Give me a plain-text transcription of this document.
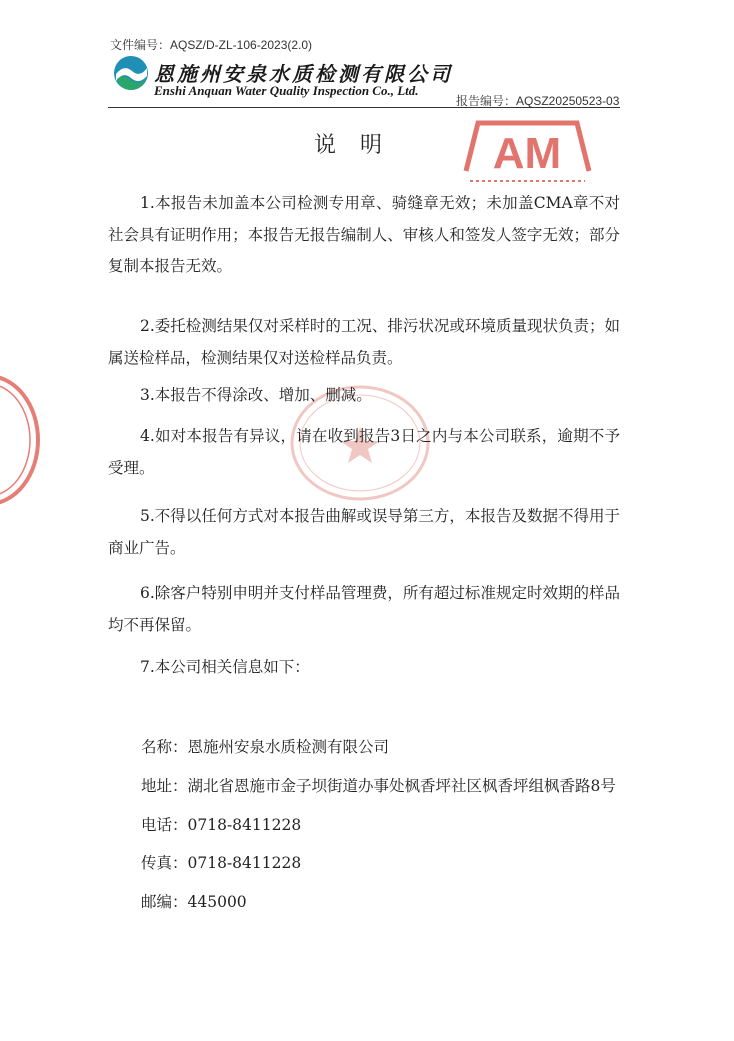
文件编号：AQSZ/D-ZL-106-2023(2.0)
恩施州安泉水质检测有限公司
Enshi Anquan Water Quality Inspection Co., Ltd.
报告编号：AQSZ20250523-03
说明	AM
1.本报告未加盖本公司检测专用章、骑缝章无效；未加盖CMA章不对社会具有证明作用；本报告无报告编制人、审核人和签发人签字无效；部分复制本报告无效。
2.委托检测结果仅对采样时的工况、排污状况或环境质量现状负责；如属送检样品，检测结果仅对送检样品负责。
3.本报告不得涂改、增加、删减。
4.如对本报告有异议，请在收到报告3日之内与本公司联系，逾期不予受理。
5.不得以任何方式对本报告曲解或误导第三方，本报告及数据不得用于商业广告。
6.除客户特别申明并支付样品管理费，所有超过标准规定时效期的样品均不再保留。
7.本公司相关信息如下：
名称：恩施州安泉水质检测有限公司
地址：湖北省恩施市金子坝街道办事处枫香坪社区枫香坪组枫香路8号
电话：0718-8411228
传真：0718-8411228
邮编：445000
